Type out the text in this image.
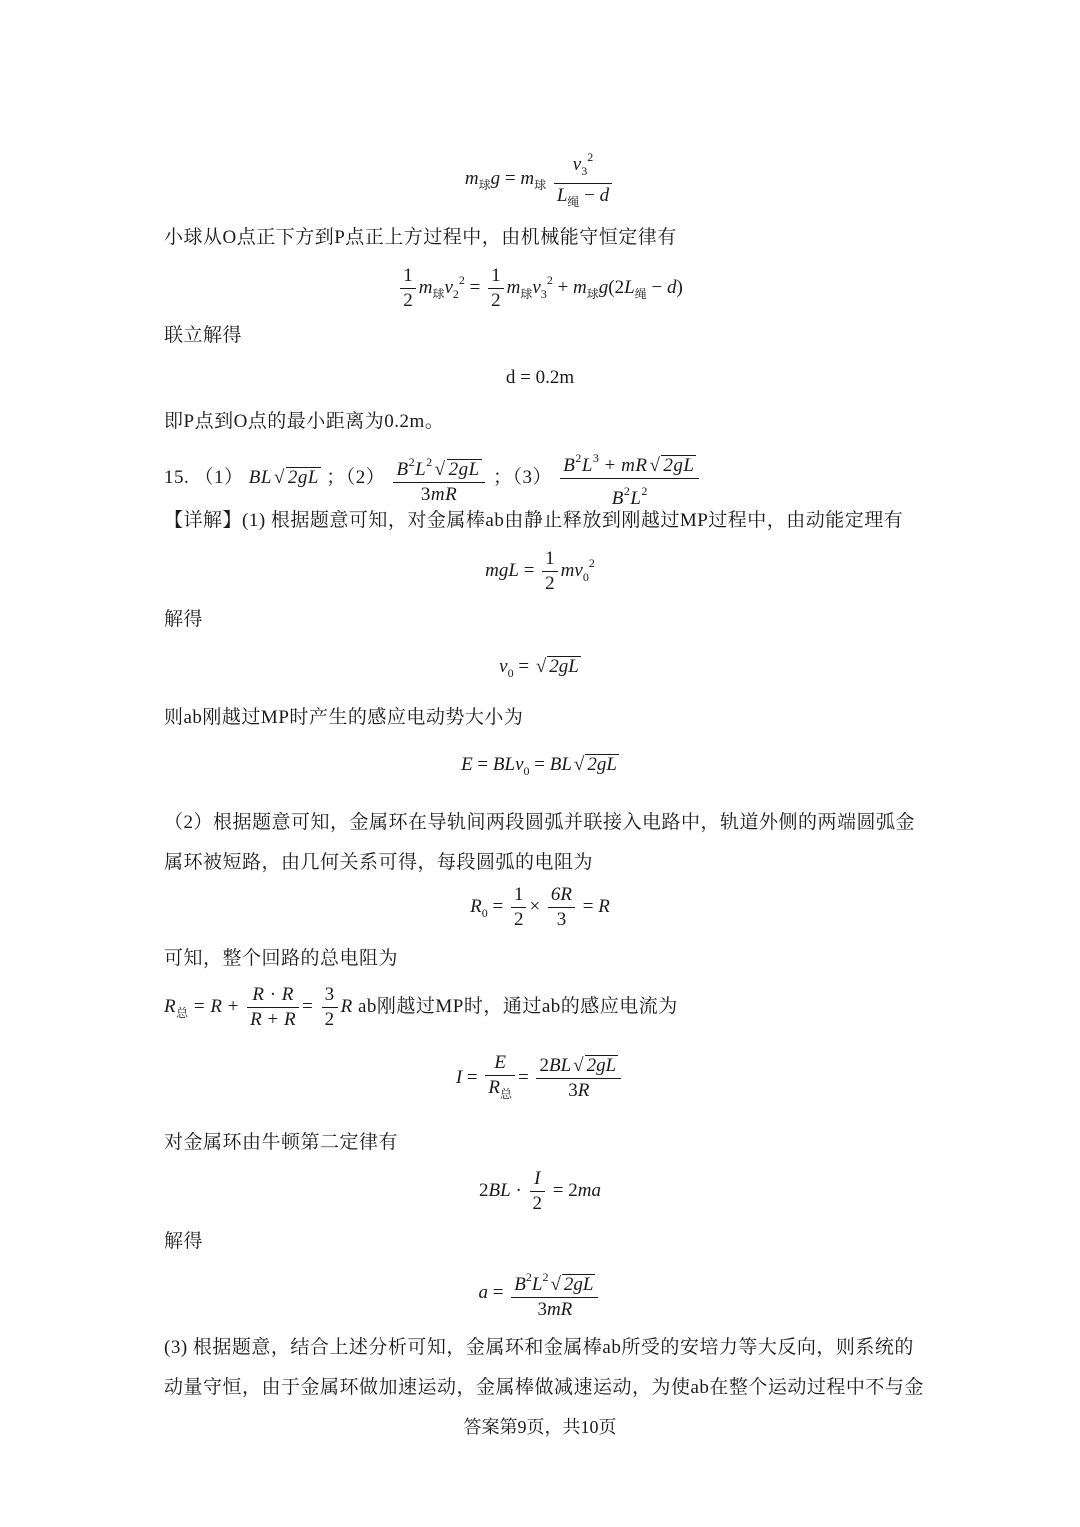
$m_球g = m_球 \frac{v_3^2}{L_绳 - d}$
小球从O点正下方到P点正上方过程中，由机械能守恒定律有
$\frac{1}{2} m_球v_2^2 = \frac{1}{2} m_球v_3^2 + m_球g(2L_绳 - d)$
联立解得
d = 0.2m
即P点到O点的最小距离为0.2m。
15. （1） BL √ 2gL ；$(2) \frac{B^2L^2 √ 2gL}{3mR}$ ；$(3) \frac{B^2L^3 + mR √ 2gL}{B^2L^2}$
【详解】(1) 根据题意可知，对金属棒ab由静止释放到刚越过MP过程中，由动能定理有
mgL = $\frac{1}{2} mv_0^2$
解得
$v_0$ = √ 2gL
则ab刚越过MP时产生的感应电动势大小为
E = BLv$_0$ = BL √ 2gL
（2）根据题意可知，金属环在导轨间两段圆弧并联接入电路中，轨道外侧的两端圆弧金属环被短路，由几何关系可得，每段圆弧的电阻为
$R_0 = \frac{1}{2} \times \frac{6R}{3} = R$
可知，整个回路的总电阻为
$R_总 = R + \frac{R \cdot R}{R + R} = \frac{3}{2}$ R ab刚越过MP时，通过ab的感应电流为
$I = \frac{E}{R_总} = \frac{2BL √ 2gL}{3R}$
对金属环由牛顿第二定律有
$2BL \cdot \frac{I}{2} = 2ma$
解得
$a = \frac{B^2L^2 √ 2gL}{3mR}$
(3) 根据题意，结合上述分析可知，金属环和金属棒ab所受的安培力等大反向，则系统的动量守恒，由于金属环做加速运动，金属棒做减速运动，为使ab在整个运动过程中不与金
答案第9页，共10页
